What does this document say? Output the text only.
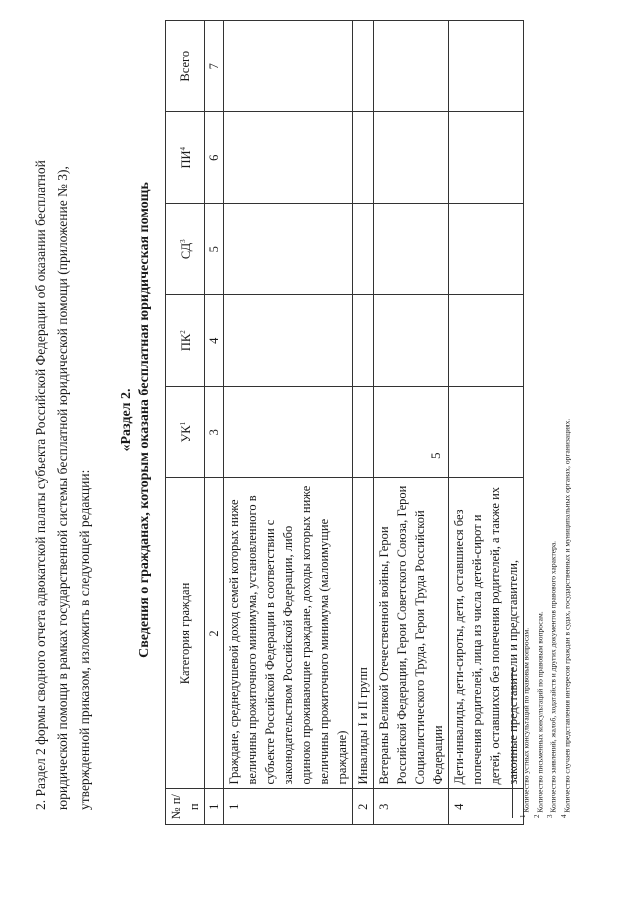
5
2. Раздел 2 формы сводного отчета адвокатской палаты субъекта Российской Федерации об оказании бесплатной юридической помощи в рамках государственной системы бесплатной юридической помощи (приложение № 3), утвержденной приказом, изложить в следующей редакции:
«Раздел 2. Сведения о гражданах, которым оказана бесплатная юридическая помощь
№ п/п	Категория граждан	$УК^1$	$ПК^2$	$СД^3$	$ПИ^4$	Всего
1	2	3	4	5	6	7
1	Граждане, среднедушевой доход семей которых ниже величины прожиточного минимума, установленного в субъекте Российской Федерации в соответствии с законодательством Российской Федерации, либо одиноко проживающие граждане, доходы которых ниже величины прожиточного минимума (малоимущие граждане)					
2	Инвалиды I и II групп					
3	Ветераны Великой Отечественной войны, Герои Российской Федерации, Герои Советского Союза, Герои Социалистического Труда, Герои Труда Российской Федерации					
4	Дети-инвалиды, дети-сироты, дети, оставшиеся без попечения родителей, лица из числа детей-сирот и детей, оставшихся без попечения родителей, а также их законные представители и представители,					
$^1$ Количество устных консультаций по правовым вопросам.
$^2$ Количество письменных консультаций по правовым вопросам.
$^3$ Количество заявлений, жалоб, ходатайств и других документов правового характера.
$^4$ Количество случаев представления интересов граждан в судах, государственных и муниципальных органах, организациях.
